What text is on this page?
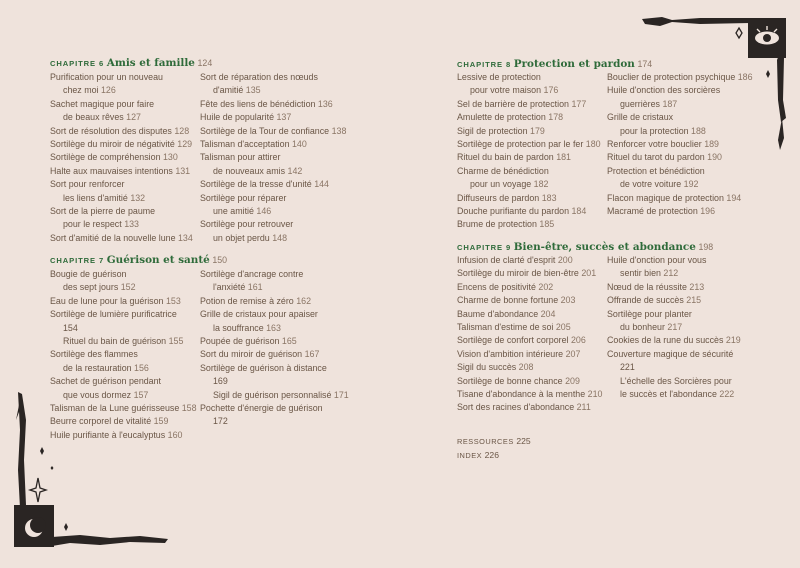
CHAPITRE 6 Amis et famille 124
CHAPITRE 7 Guérison et santé 150
CHAPITRE 8 Protection et pardon 174
CHAPITRE 9 Bien-être, succès et abondance 198
RESSOURCES 225
INDEX 226
Purification pour un nouveau
chez moi 126
Sachet magique pour faire
de beaux rêves 127
Sort de résolution des disputes 128
Sortilège du miroir de négativité 129
Sortilège de compréhension 130
Halte aux mauvaises intentions 131
Sort pour renforcer
les liens d'amitié 132
Sort de la pierre de paume
pour le respect 133
Sort d'amitié de la nouvelle lune 134
Sort de réparation des nœuds
d'amitié 135
Fête des liens de bénédiction 136
Huile de popularité 137
Sortilège de la Tour de confiance 138
Talisman d'acceptation 140
Talisman pour attirer
de nouveaux amis 142
Sortilège de la tresse d'unité 144
Sortilège pour réparer
une amitié 146
Sortilège pour retrouver
un objet perdu 148
Bougie de guérison
des sept jours 152
Eau de lune pour la guérison 153
Sortilège de lumière purificatrice
154
Rituel du bain de guérison 155
Sortilège des flammes
de la restauration 156
Sachet de guérison pendant
que vous dormez 157
Talisman de la Lune guérisseuse 158
Beurre corporel de vitalité 159
Huile purifiante à l'eucalyptus 160
Sortilège d'ancrage contre
l'anxiété 161
Potion de remise à zéro 162
Grille de cristaux pour apaiser
la souffrance 163
Poupée de guérison 165
Sort du miroir de guérison 167
Sortilège de guérison à distance
169
Sigil de guérison personnalisé 171
Pochette d'énergie de guérison
172
Lessive de protection
pour votre maison 176
Sel de barrière de protection 177
Amulette de protection 178
Sigil de protection 179
Sortilège de protection par le fer 180
Rituel du bain de pardon 181
Charme de bénédiction
pour un voyage 182
Diffuseurs de pardon 183
Douche purifiante du pardon 184
Brume de protection 185
Bouclier de protection psychique 186
Huile d'onction des sorcières
guerrières 187
Grille de cristaux
pour la protection 188
Renforcer votre bouclier 189
Rituel du tarot du pardon 190
Protection et bénédiction
de votre voiture 192
Flacon magique de protection 194
Macramé de protection 196
Infusion de clarté d'esprit 200
Sortilège du miroir de bien-être 201
Encens de positivité 202
Charme de bonne fortune 203
Baume d'abondance 204
Talisman d'estime de soi 205
Sortilège de confort corporel 206
Vision d'ambition intérieure 207
Sigil du succès 208
Sortilège de bonne chance 209
Tisane d'abondance à la menthe 210
Sort des racines d'abondance 211
Huile d'onction pour vous
sentir bien 212
Nœud de la réussite 213
Offrande de succès 215
Sortilège pour planter
du bonheur 217
Cookies de la rune du succès 219
Couverture magique de sécurité
221
L'échelle des Sorcières pour
le succès et l'abondance 222
